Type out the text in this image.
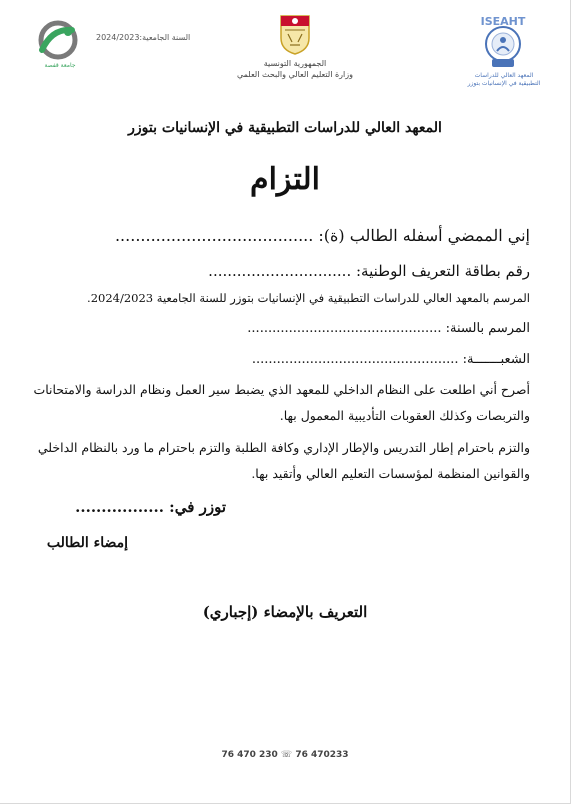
جامعة قفصة
السنة الجامعية:2024/2023
الجمهورية التونسية
وزارة التعليم العالي والبحث العلمي
ISEAHT
المعهد العالي للدراسات التطبيقية في الإنسانيات بتوزر
المعهد العالي للدراسات التطبيقية في الإنسانيات بتوزر
التزام
إني الممضي أسفله الطالب (ة): .......................................
رقم بطاقة التعريف الوطنية: ..............................
المرسم بالمعهد العالي للدراسات التطبيقية في الإنسانيات بتوزر للسنة الجامعية 2024/2023.
المرسم بالسنة: ...............................................
الشعبـــــــة: ..................................................
أصرح أني اطلعت على النظام الداخلي للمعهد الذي يضبط سير العمل ونظام الدراسة والامتحانات والتربصات وكذلك العقوبات التأديبية المعمول بها.
والتزم باحترام إطار التدريس والإطار الإداري وكافة الطلبة والتزم باحترام ما ورد بالنظام الداخلي والقوانين المنظمة لمؤسسات التعليم العالي وأتقيد بها.
توزر في: .................
إمضاء الطالب
التعريف بالإمضاء (إجباري)
76 470 230 ☏ 76 470233
